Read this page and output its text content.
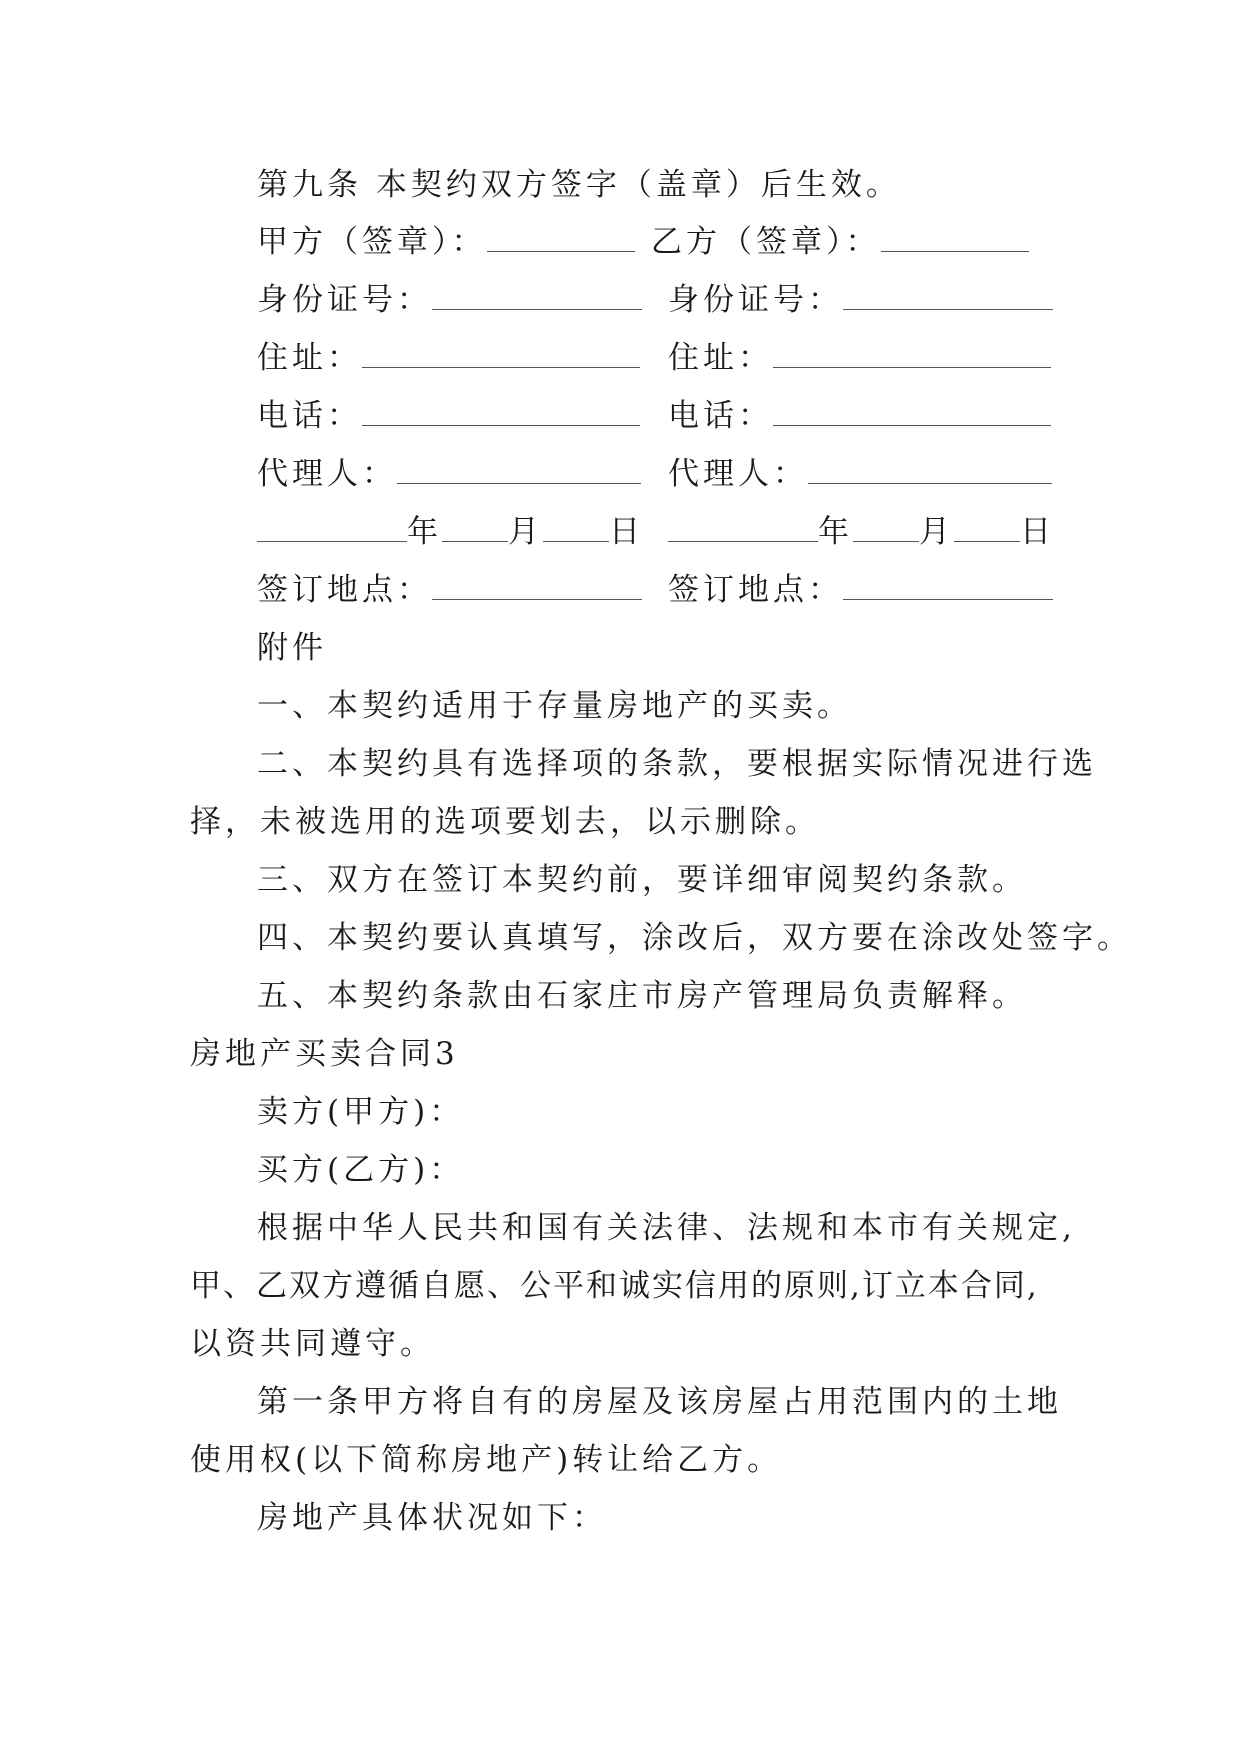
第九条 本契约双方签字（盖章）后生效。
甲方（签章）：	乙方（签章）：
身份证号：	身份证号：
住址：	住址：
电话：	电话：
代理人：	代理人：
年 月 日	年 月 日
签订地点：	签订地点：
附件
一、本契约适用于存量房地产的买卖。
二、本契约具有选择项的条款，要根据实际情况进行选
择，未被选用的选项要划去，以示删除。
三、双方在签订本契约前，要详细审阅契约条款。
四、本契约要认真填写，涂改后，双方要在涂改处签字。
五、本契约条款由石家庄市房产管理局负责解释。
房地产买卖合同3
卖方(甲方)：
买方(乙方)：
根据中华人民共和国有关法律、法规和本市有关规定,
甲、乙双方遵循自愿、公平和诚实信用的原则,订立本合同,
以资共同遵守。
第一条甲方将自有的房屋及该房屋占用范围内的土地
使用权(以下简称房地产)转让给乙方。
房地产具体状况如下：
